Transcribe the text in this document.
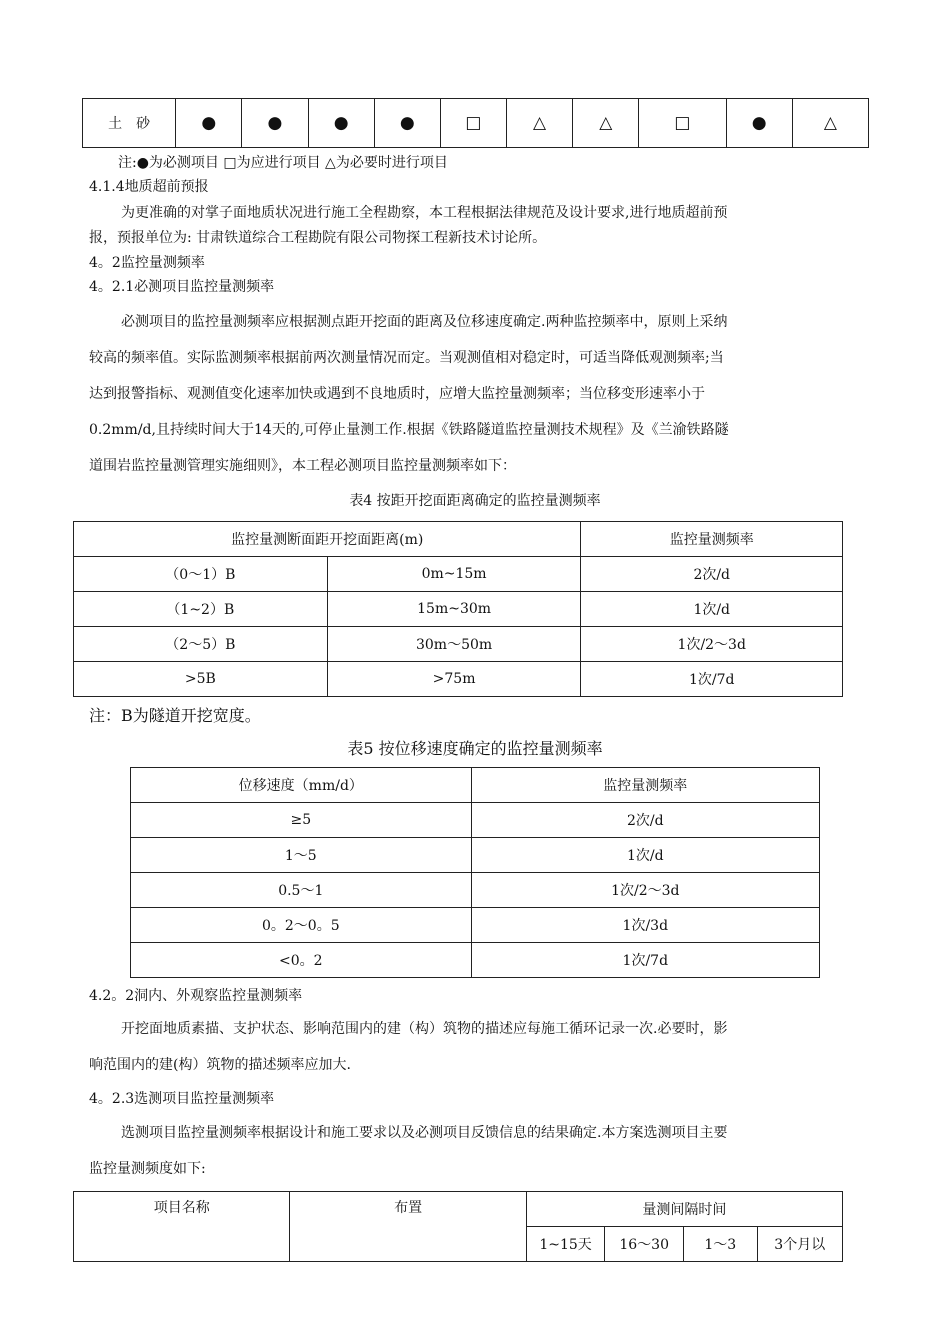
土　砂	●	●	●	●	□	△	△	□	●	△
注:●为必测项目 □为应进行项目 △为必要时进行项目
4.1.4地质超前预报
为更准确的对掌子面地质状况进行施工全程勘察，本工程根据法律规范及设计要求,进行地质超前预
报，预报单位为: 甘肃铁道综合工程勘院有限公司物探工程新技术讨论所。
4。2监控量测频率
4。2.1必测项目监控量测频率
必测项目的监控量测频率应根据测点距开挖面的距离及位移速度确定.两种监控频率中，原则上采纳
较高的频率值。实际监测频率根据前两次测量情况而定。当观测值相对稳定时，可适当降低观测频率;当
达到报警指标、观测值变化速率加快或遇到不良地质时，应增大监控量测频率；当位移变形速率小于
0.2mm/d,且持续时间大于14天的,可停止量测工作.根据《铁路隧道监控量测技术规程》及《兰渝铁路隧
道围岩监控量测管理实施细则》，本工程必测项目监控量测频率如下：
表4 按距开挖面距离确定的监控量测频率
监控量测断面距开挖面距离(m)		监控量测频率
（0～1）B	0m~15m	2次/d
（1~2）B	15m~30m	1次/d
（2～5）B	30m～50m	1次/2～3d
>5B	>75m	1次/7d
注：B为隧道开挖宽度。
表5 按位移速度确定的监控量测频率
位移速度（mm/d）	监控量测频率
≥5	2次/d
1～5	1次/d
0.5～1	1次/2～3d
0。2～0。5	1次/3d
<0。2	1次/7d
4.2。2洞内、外观察监控量测频率
开挖面地质素描、支护状态、影响范围内的建（构）筑物的描述应每施工循环记录一次.必要时，影
响范围内的建(构）筑物的描述频率应加大.
4。2.3选测项目监控量测频率
选测项目监控量测频率根据设计和施工要求以及必测项目反馈信息的结果确定.本方案选测项目主要
监控量测频度如下:
项目名称	布置	量测间隔时间			
		1~15天	16～30	1～3	3个月以
